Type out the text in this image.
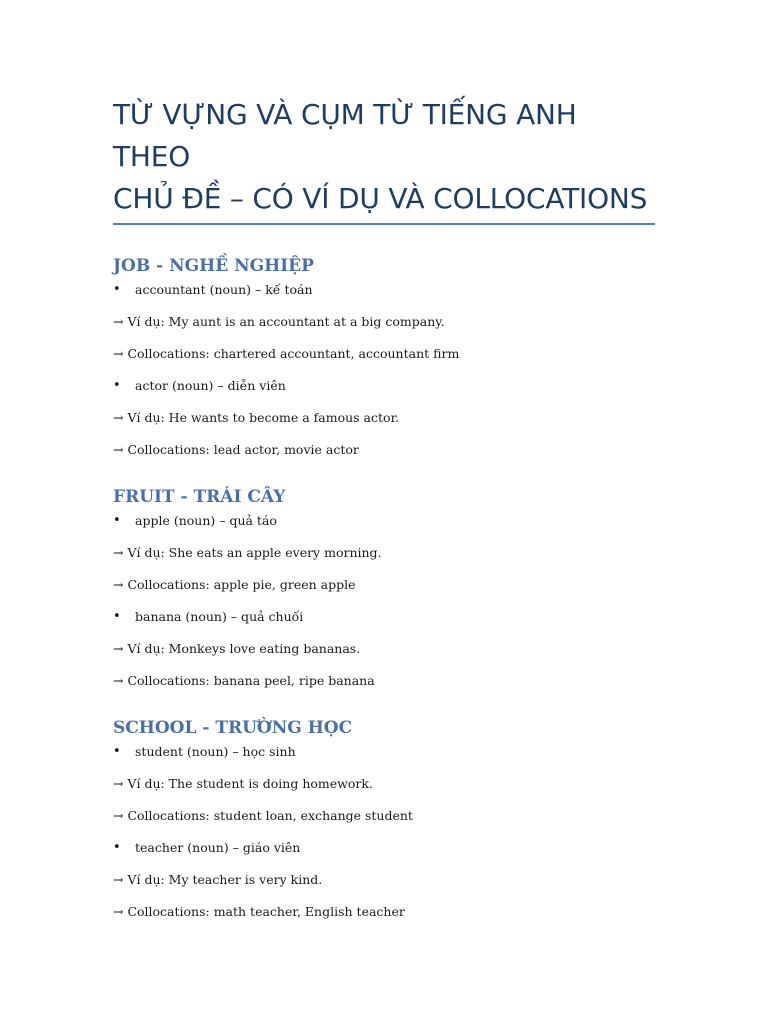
TỪ VỰNG VÀ CỤM TỪ TIẾNG ANH THEO
CHỦ ĐỀ – CÓ VÍ DỤ VÀ COLLOCATIONS
JOB - NGHỀ NGHIỆP
• accountant (noun) – kế toán
→ Ví dụ: My aunt is an accountant at a big company.
→ Collocations: chartered accountant, accountant firm
• actor (noun) – diễn viên
→ Ví dụ: He wants to become a famous actor.
→ Collocations: lead actor, movie actor
FRUIT - TRÁI CÂY
• apple (noun) – quả táo
→ Ví dụ: She eats an apple every morning.
→ Collocations: apple pie, green apple
• banana (noun) – quả chuối
→ Ví dụ: Monkeys love eating bananas.
→ Collocations: banana peel, ripe banana
SCHOOL - TRƯỜNG HỌC
• student (noun) – học sinh
→ Ví dụ: The student is doing homework.
→ Collocations: student loan, exchange student
• teacher (noun) – giáo viên
→ Ví dụ: My teacher is very kind.
→ Collocations: math teacher, English teacher
